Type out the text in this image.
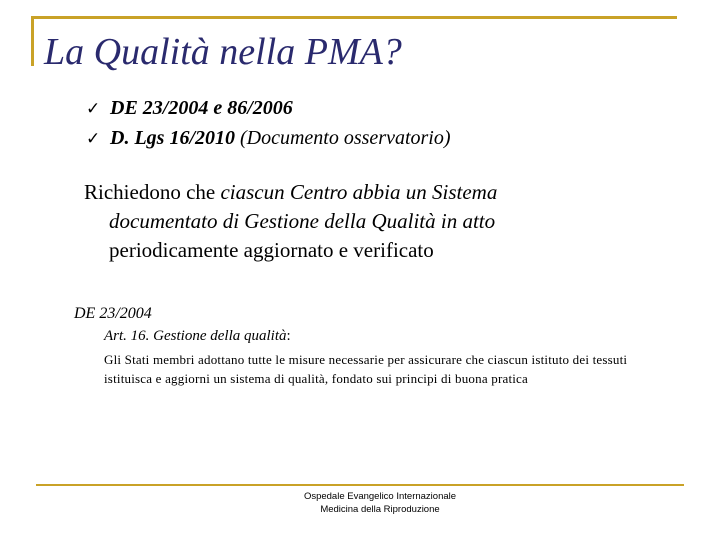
La Qualità nella PMA?
✓ DE 23/2004 e 86/2006
✓ D. Lgs 16/2010 (Documento osservatorio)
Richiedono che ciascun Centro abbia un Sistema
documentato di Gestione della Qualità in atto
periodicamente aggiornato e verificato
DE 23/2004
Art. 16. Gestione della qualità:
Gli Stati membri adottano tutte le misure necessarie per assicurare che ciascun istituto dei tessuti istituisca e aggiorni un sistema di qualità, fondato sui principi di buona pratica
Ospedale Evangelico Internazionale
Medicina della Riproduzione
